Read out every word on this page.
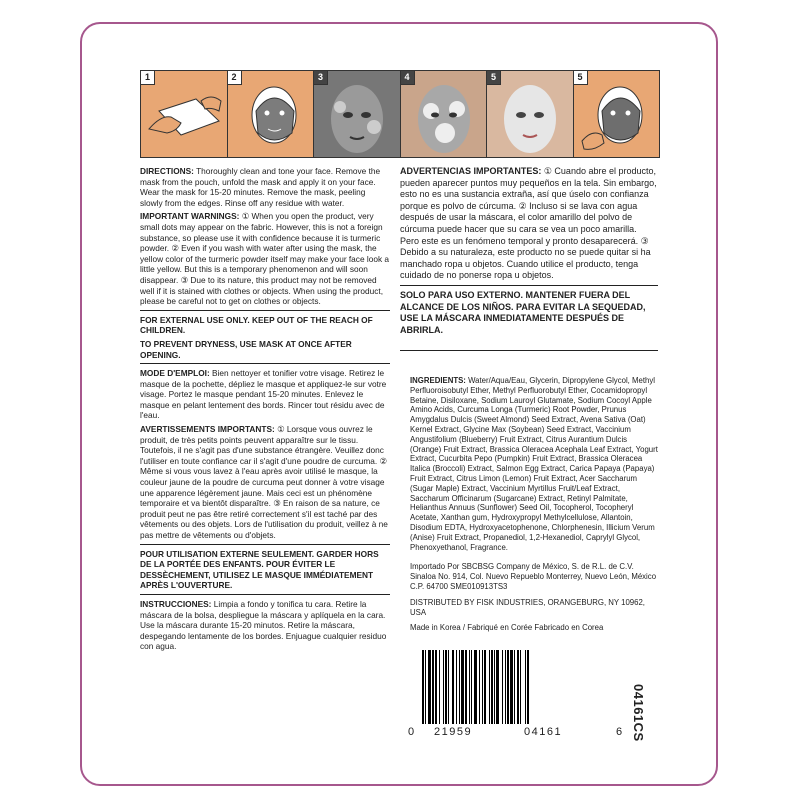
1	2	3	4	5	5

DIRECTIONS: Thoroughly clean and tone your face. Remove the mask from the pouch, unfold the mask and apply it on your face. Wear the mask for 15-20 minutes. Remove the mask, peeling slowly from the edges. Rinse off any residue with water.

IMPORTANT WARNINGS: ① When you open the product, very small dots may appear on the fabric. However, this is not a foreign substance, so please use it with confidence because it is turmeric powder. ② Even if you wash with water after using the mask, the yellow color of the turmeric powder itself may make your face look a little yellow. But this is a temporary phenomenon and will soon disappear. ③ Due to its nature, this product may not be removed well if it is stained with clothes or objects. When using the product, please be careful not to get on clothes or objects.

FOR EXTERNAL USE ONLY. KEEP OUT OF THE REACH OF CHILDREN.

TO PREVENT DRYNESS, USE MASK AT ONCE AFTER OPENING.

MODE D'EMPLOI: Bien nettoyer et tonifier votre visage. Retirez le masque de la pochette, dépliez le masque et appliquez-le sur votre visage. Portez le masque pendant 15-20 minutes. Enlevez le masque en pelant lentement des bords. Rincer tout résidu avec de l'eau.

AVERTISSEMENTS IMPORTANTS: ① Lorsque vous ouvrez le produit, de très petits points peuvent apparaître sur le tissu. Toutefois, il ne s'agit pas d'une substance étrangère. Veuillez donc l'utiliser en toute confiance car il s'agit d'une poudre de curcuma. ② Même si vous vous lavez à l'eau après avoir utilisé le masque, la couleur jaune de la poudre de curcuma peut donner à votre visage une apparence légèrement jaune. Mais ceci est un phénomène temporaire et va bientôt disparaître. ③ En raison de sa nature, ce produit peut ne pas être retiré correctement s'il est taché par des vêtements ou des objets. Lors de l'utilisation du produit, veillez à ne pas mettre de vêtements ou d'objets.

POUR UTILISATION EXTERNE SEULEMENT. GARDER HORS DE LA PORTÉE DES ENFANTS. POUR ÉVITER LE DESSÈCHEMENT, UTILISEZ LE MASQUE IMMÉDIATEMENT APRÈS L'OUVERTURE.

INSTRUCCIONES: Limpia a fondo y tonifica tu cara. Retire la máscara de la bolsa, despliegue la máscara y aplíquela en la cara. Use la máscara durante 15-20 minutos. Retire la máscara, despegando lentamente de los bordes. Enjuague cualquier residuo con agua.

ADVERTENCIAS IMPORTANTES: ① Cuando abre el producto, pueden aparecer puntos muy pequeños en la tela. Sin embargo, esto no es una sustancia extraña, así que úselo con confianza porque es polvo de cúrcuma. ② Incluso si se lava con agua después de usar la máscara, el color amarillo del polvo de cúrcuma puede hacer que su cara se vea un poco amarilla. Pero este es un fenómeno temporal y pronto desaparecerá. ③ Debido a su naturaleza, este producto no se puede quitar si ha manchado ropa u objetos. Cuando utilice el producto, tenga cuidado de no ponerse ropa u objetos.

SOLO PARA USO EXTERNO. MANTENER FUERA DEL ALCANCE DE LOS NIÑOS. PARA EVITAR LA SEQUEDAD, USE LA MÁSCARA INMEDIATAMENTE DESPUÉS DE ABRIRLA.

INGREDIENTS: Water/Aqua/Eau, Glycerin, Dipropylene Glycol, Methyl Perfluoroisobutyl Ether, Methyl Perfluorobutyl Ether, Cocamidopropyl Betaine, Disiloxane, Sodium Lauroyl Glutamate, Sodium Cocoyl Apple Amino Acids, Curcuma Longa (Turmeric) Root Powder, Prunus Amygdalus Dulcis (Sweet Almond) Seed Extract, Avena Sativa (Oat) Kernel Extract, Glycine Max (Soybean) Seed Extract, Vaccinium Angustifolium (Blueberry) Fruit Extract, Citrus Aurantium Dulcis (Orange) Fruit Extract, Brassica Oleracea Acephala Leaf Extract, Yogurt Extract, Cucurbita Pepo (Pumpkin) Fruit Extract, Brassica Oleracea Italica (Broccoli) Extract, Salmon Egg Extract, Carica Papaya (Papaya) Fruit Extract, Citrus Limon (Lemon) Fruit Extract, Acer Saccharum (Sugar Maple) Extract, Vaccinium Myrtillus Fruit/Leaf Extract, Saccharum Officinarum (Sugarcane) Extract, Retinyl Palmitate, Helianthus Annuus (Sunflower) Seed Oil, Tocopherol, Tocopheryl Acetate, Xanthan gum, Hydroxypropyl Methylcellulose, Allantoin, Disodium EDTA, Hydroxyacetophenone, Chlorphenesin, Illicium Verum (Anise) Fruit Extract, Propanediol, 1,2-Hexanediol, Caprylyl Glycol, Phenoxyethanol, Fragrance.

Importado Por SBCBSG Company de México, S. de R.L. de C.V. Sinaloa No. 914, Col. Nuevo Repueblo Monterrey, Nuevo León, México C.P. 64700 SME010913TS3

DISTRIBUTED BY FISK INDUSTRIES, ORANGEBURG, NY 10962, USA

Made in Korea / Fabriqué en Corée Fabricado en Corea

0 21959	04161	6 04161CS
